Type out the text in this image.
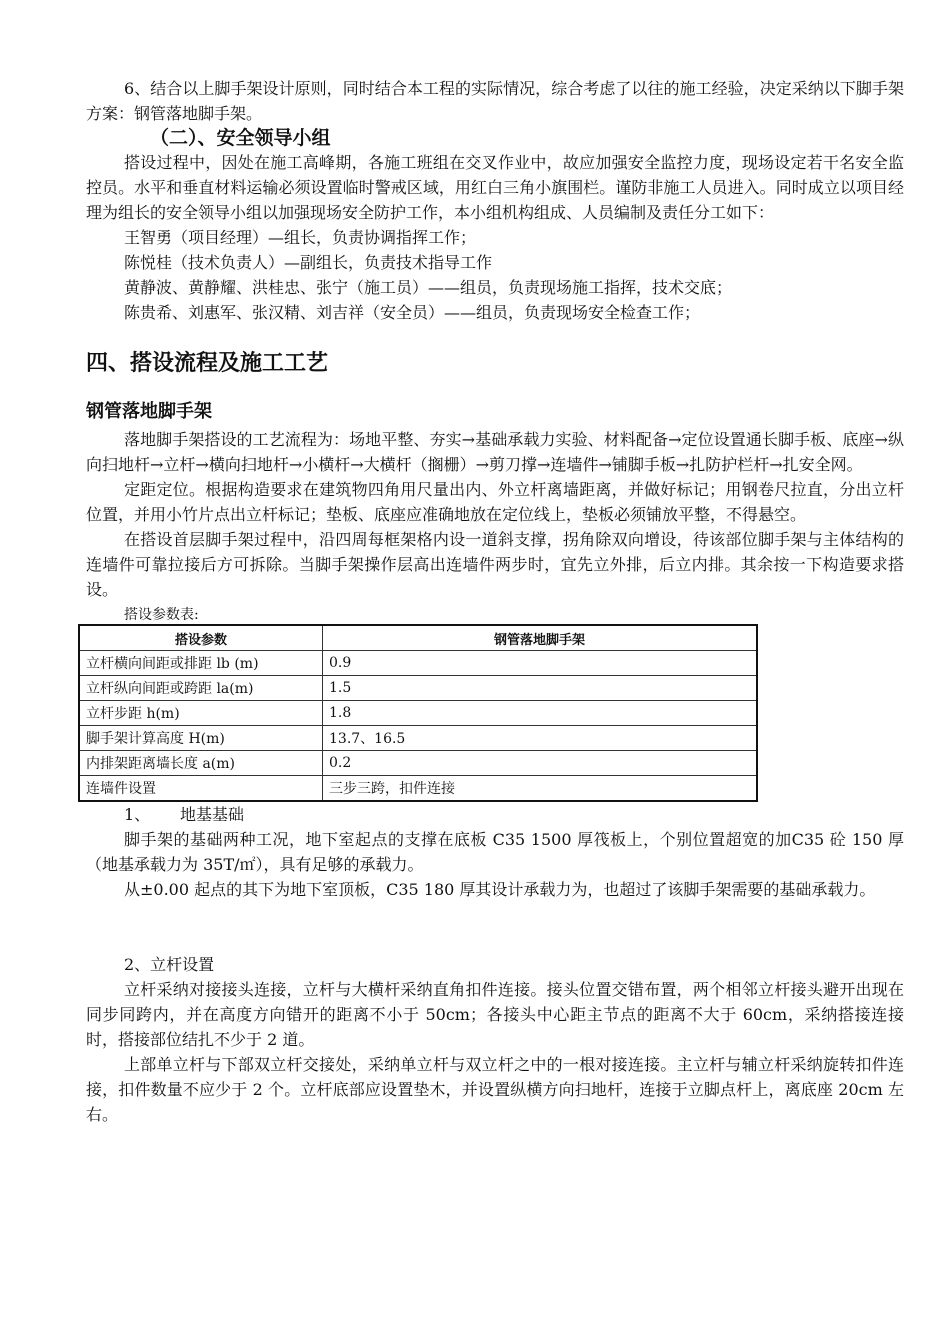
6、结合以上脚手架设计原则，同时结合本工程的实际情况，综合考虑了以往的施工经验，决定采纳以下脚手架方案：钢管落地脚手架。

（二）、安全领导小组

搭设过程中，因处在施工高峰期，各施工班组在交叉作业中，故应加强安全监控力度，现场设定若干名安全监控员。水平和垂直材料运输必须设置临时警戒区域，用红白三角小旗围栏。谨防非施工人员进入。同时成立以项目经理为组长的安全领导小组以加强现场安全防护工作，本小组机构组成、人员编制及责任分工如下：

王智勇（项目经理）—组长，负责协调指挥工作；

陈悦桂（技术负责人）—副组长，负责技术指导工作

黄静波、黄静耀、洪桂忠、张宁（施工员）——组员，负责现场施工指挥，技术交底；

陈贵希、刘惠军、张汉精、刘吉祥（安全员）——组员，负责现场安全检查工作；

四、搭设流程及施工工艺
钢管落地脚手架

落地脚手架搭设的工艺流程为：场地平整、夯实→基础承载力实验、材料配备→定位设置通长脚手板、底座→纵向扫地杆→立杆→横向扫地杆→小横杆→大横杆（搁栅）→剪刀撑→连墙件→铺脚手板→扎防护栏杆→扎安全网。

定距定位。根据构造要求在建筑物四角用尺量出内、外立杆离墙距离，并做好标记；用钢卷尺拉直，分出立杆位置，并用小竹片点出立杆标记；垫板、底座应准确地放在定位线上，垫板必须铺放平整，不得悬空。

在搭设首层脚手架过程中，沿四周每框架格内设一道斜支撑，拐角除双向增设，待该部位脚手架与主体结构的连墙件可靠拉接后方可拆除。当脚手架操作层高出连墙件两步时，宜先立外排，后立内排。其余按一下构造要求搭设。

搭设参数表:
搭设参数	钢管落地脚手架
立杆横向间距或排距 lb (m)	0.9
立杆纵向间距或跨距 la(m)	1.5
立杆步距 h(m)	1.8
脚手架计算高度 H(m)	13.7、16.5
内排架距离墙长度 a(m)	0.2
连墙件设置	三步三跨，扣件连接

1、 地基基础

脚手架的基础两种工况，地下室起点的支撑在底板 C35 1500 厚筏板上，个别位置超宽的加C35 砼 150 厚（地基承载力为 35T/㎡），具有足够的承载力。

从±0.00 起点的其下为地下室顶板，C35 180 厚其设计承载力为，也超过了该脚手架需要的基础承载力。

2、立杆设置

立杆采纳对接接头连接，立杆与大横杆采纳直角扣件连接。接头位置交错布置，两个相邻立杆接头避开出现在同步同跨内，并在高度方向错开的距离不小于 50cm；各接头中心距主节点的距离不大于 60cm，采纳搭接连接时，搭接部位结扎不少于 2 道。

上部单立杆与下部双立杆交接处，采纳单立杆与双立杆之中的一根对接连接。主立杆与辅立杆采纳旋转扣件连接，扣件数量不应少于 2 个。立杆底部应设置垫木，并设置纵横方向扫地杆，连接于立脚点杆上，离底座 20cm 左右。
